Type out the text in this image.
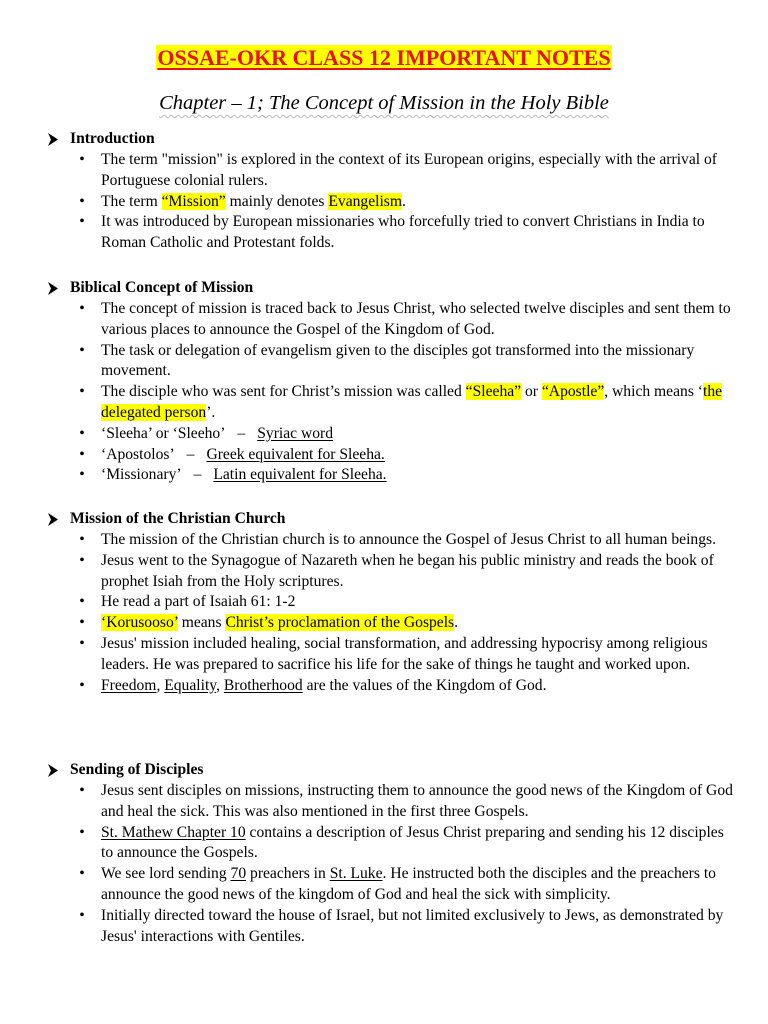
OSSAE-OKR CLASS 12 IMPORTANT NOTES
Chapter – 1; The Concept of Mission in the Holy Bible
Introduction
• The term "mission" is explored in the context of its European origins, especially with the arrival of Portuguese colonial rulers.
• The term “Mission” mainly denotes Evangelism.
• It was introduced by European missionaries who forcefully tried to convert Christians in India to Roman Catholic and Protestant folds.
Biblical Concept of Mission
• The concept of mission is traced back to Jesus Christ, who selected twelve disciples and sent them to various places to announce the Gospel of the Kingdom of God.
• The task or delegation of evangelism given to the disciples got transformed into the missionary movement.
• The disciple who was sent for Christ’s mission was called “Sleeha” or “Apostle”, which means ‘the delegated person’.
• ‘Sleeha’ or ‘Sleeho’ – Syriac word
• ‘Apostolos’ – Greek equivalent for Sleeha.
• ‘Missionary’ – Latin equivalent for Sleeha.
Mission of the Christian Church
• The mission of the Christian church is to announce the Gospel of Jesus Christ to all human beings.
• Jesus went to the Synagogue of Nazareth when he began his public ministry and reads the book of prophet Isiah from the Holy scriptures.
• He read a part of Isaiah 61: 1-2
• ‘Korusooso’ means Christ’s proclamation of the Gospels.
• Jesus' mission included healing, social transformation, and addressing hypocrisy among religious leaders. He was prepared to sacrifice his life for the sake of things he taught and worked upon.
• Freedom, Equality, Brotherhood are the values of the Kingdom of God.
Sending of Disciples
• Jesus sent disciples on missions, instructing them to announce the good news of the Kingdom of God and heal the sick. This was also mentioned in the first three Gospels.
• St. Mathew Chapter 10 contains a description of Jesus Christ preparing and sending his 12 disciples to announce the Gospels.
• We see lord sending 70 preachers in St. Luke. He instructed both the disciples and the preachers to announce the good news of the kingdom of God and heal the sick with simplicity.
• Initially directed toward the house of Israel, but not limited exclusively to Jews, as demonstrated by Jesus' interactions with Gentiles.
